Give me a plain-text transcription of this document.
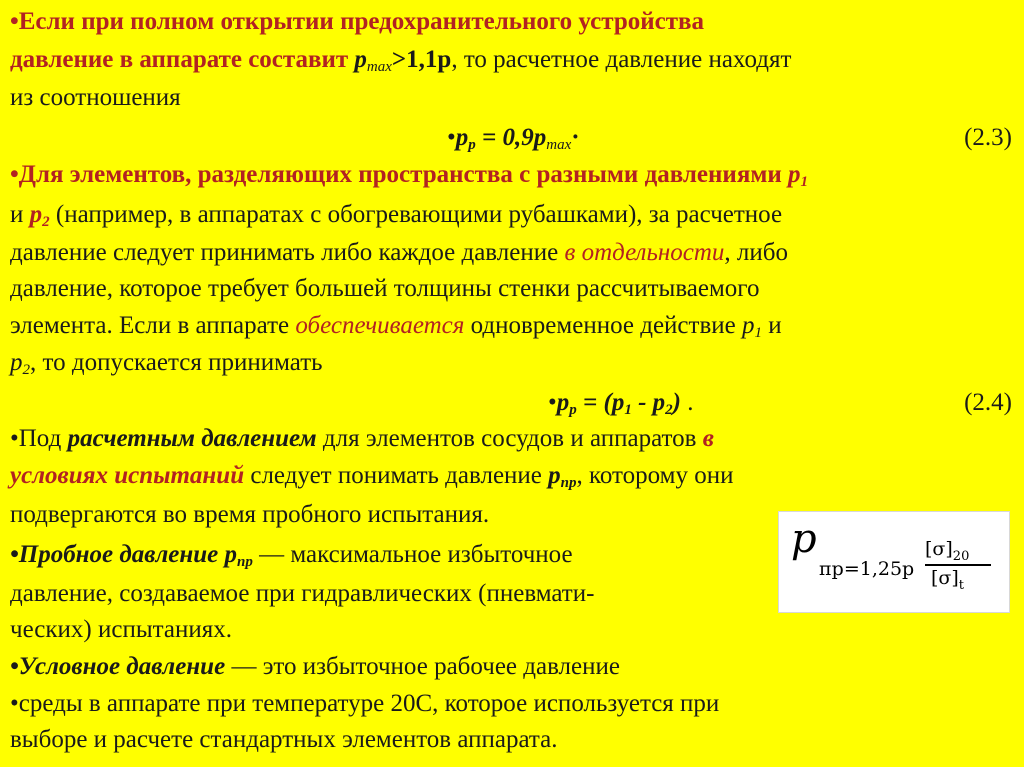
•Если при полном открытии предохранительного устройства
давление в аппарате составит $p_{max}>1,1p$, то расчетное давление находят
из соотношения
$•p_p = 0,9p_{max}\cdot$	(2.3)
•Для элементов, разделяющих пространства с разными давлениями $p_1$
и $p_2$ (например, в аппаратах с обогревающими рубашками), за расчетное
давление следует принимать либо каждое давление в отдельности, либо
давление, которое требует большей толщины стенки рассчитываемого
элемента. Если в аппарате обеспечивается одновременное действие $p_1$ и
$p_2$, то допускается принимать
$•p_p = (p_1 - p_2)$ .	(2.4)
•Под расчетным давлением для элементов сосудов и аппаратов в
условиях испытаний следует понимать давление $p_{пр}$, которому они
подвергаются во время пробного испытания.
•Пробное давление $p_{пр}$ — максимальное избыточное
давление, создаваемое при гидравлических (пневмати-
ческих) испытаниях.
p
пр=1,25p
$[\sigma]_{20}$
$[\sigma]_t$
•Условное давление — это избыточное рабочее давление
•среды в аппарате при температуре 20С, которое используется при
выборе и расчете стандартных элементов аппарата.
